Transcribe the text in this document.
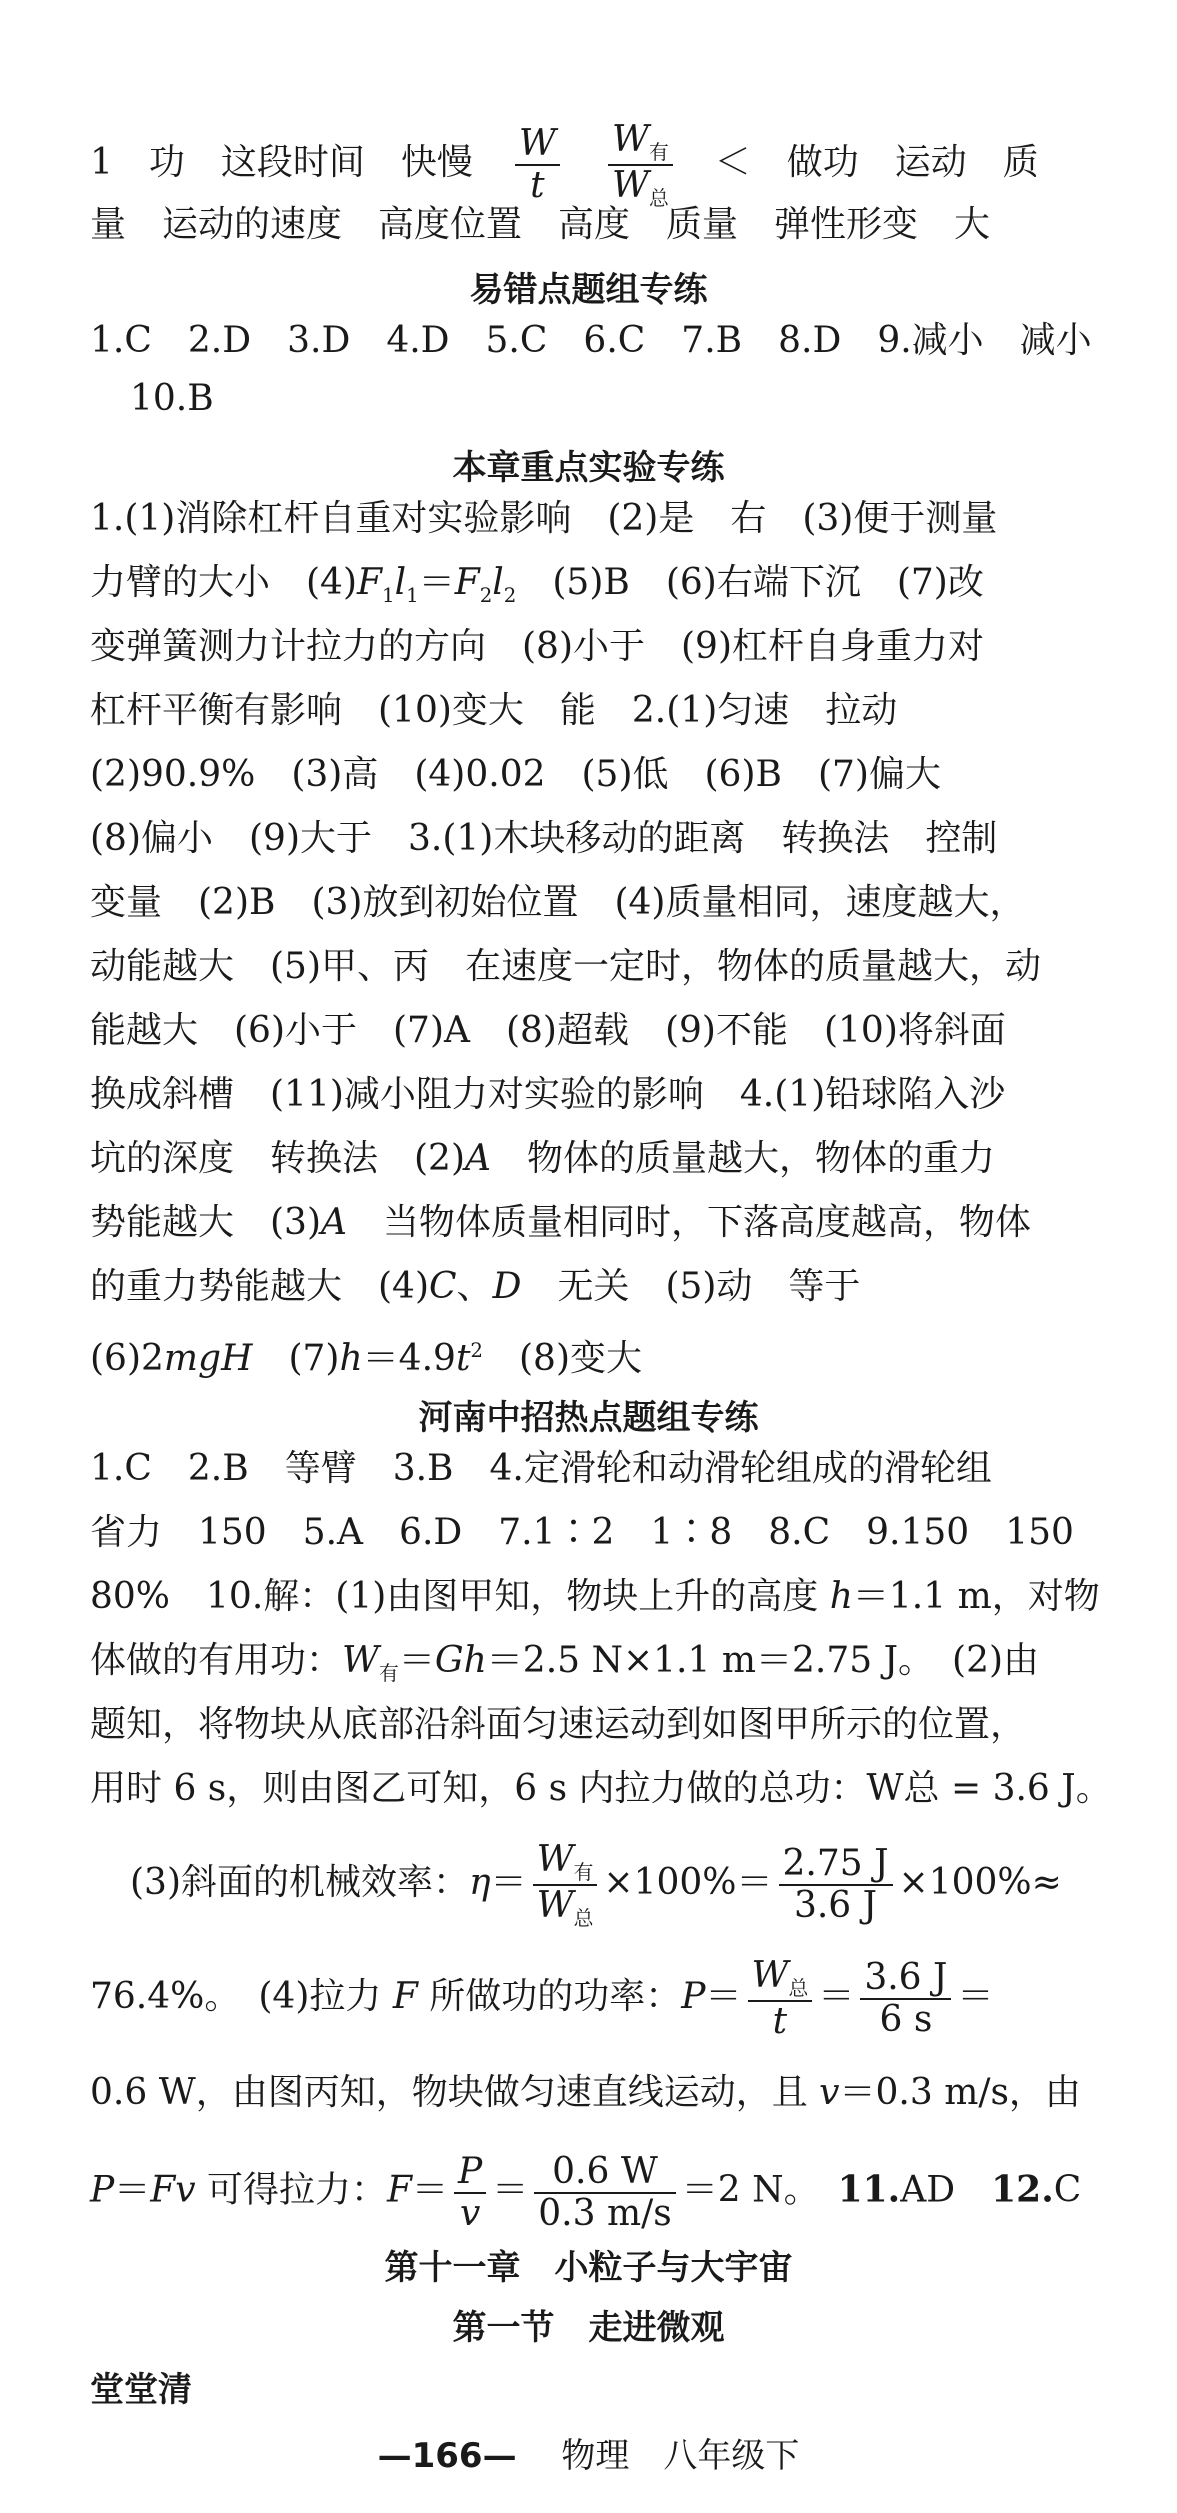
1　功　这段时间　快慢　 $\frac{W}{t}$
　 $\frac{W_有}{W_总}$ 　＜　做功　运动　质
量　运动的速度　高度位置　高度　质量　弹性形变　大
易错点题组专练
1.C　2.D　3.D　4.D　5.C　6.C　7.B　8.D　9.减小　减小
10.B
本章重点实验专练
1.(1)消除杠杆自重对实验影响　(2)是　右　(3)便于测量
力臂的大小　$(4)F_1l_1=F_2l_2$　(5)B　(6)右端下沉　(7)改
变弹簧测力计拉力的方向　(8)小于　(9)杠杆自身重力对
杠杆平衡有影响　(10)变大　能　2.(1)匀速　拉动
(2)90.9%　(3)高　(4)0.02　(5)低　(6)B　(7)偏大
(8)偏小　(9)大于　3.(1)木块移动的距离　转换法　控制
变量　(2)B　(3)放到初始位置　(4)质量相同，速度越大，
动能越大　(5)甲、丙　在速度一定时，物体的质量越大，动
能越大　(6)小于　(7)A　(8)超载　(9)不能　(10)将斜面
换成斜槽　(11)减小阻力对实验的影响　4.(1)铅球陷入沙
坑的深度　转换法　(2)A　物体的质量越大，物体的重力
势能越大　(3)A　当物体质量相同时，下落高度越高，物体
的重力势能越大　(4)C、D　无关　(5)动　等于
(6)2mgH　$(7)h=4.9t^2$　(8)变大
河南中招热点题组专练
1.C　2.B　等臂　3.B　4.定滑轮和动滑轮组成的滑轮组
省力　150　5.A　6.D　7.1∶2　1∶8　8.C　9.150　150
80%　10.解：(1)由图甲知，物块上升的高度 h＝1.1 m，对物
体做的有用功：$W_有=Gh=2.5$ N×1.1 m＝2.75 J。　(2)由
题知，将物块从底部沿斜面匀速运动到如图甲所示的位置，
用时 6 s，则由图乙可知，6 s 内拉力做的总功：W总 = 3.6 J。
(3)斜面的机械效率：$\eta= \frac{W_有}{W_总} \times 100\%= \frac{2.75 J}{3.6 J} \times 100\%\approx$
76.4%。　(4)拉力 F 所做功的功率：$P= \frac{W_总}{t} = \frac{3.6 J}{6 s}$ ＝
0.6 W，由图丙知，物块做匀速直线运动，且 v＝0.3 m/s，由
P＝Fv 可得拉力：$F= \frac{P}{v} = \frac{0.6 W}{0.3 m/s} =2$ N。　11.AD　12.C
第十一章　小粒子与大宇宙
第一节　走进微观
堂堂清
—166—　 物理　八年级下
